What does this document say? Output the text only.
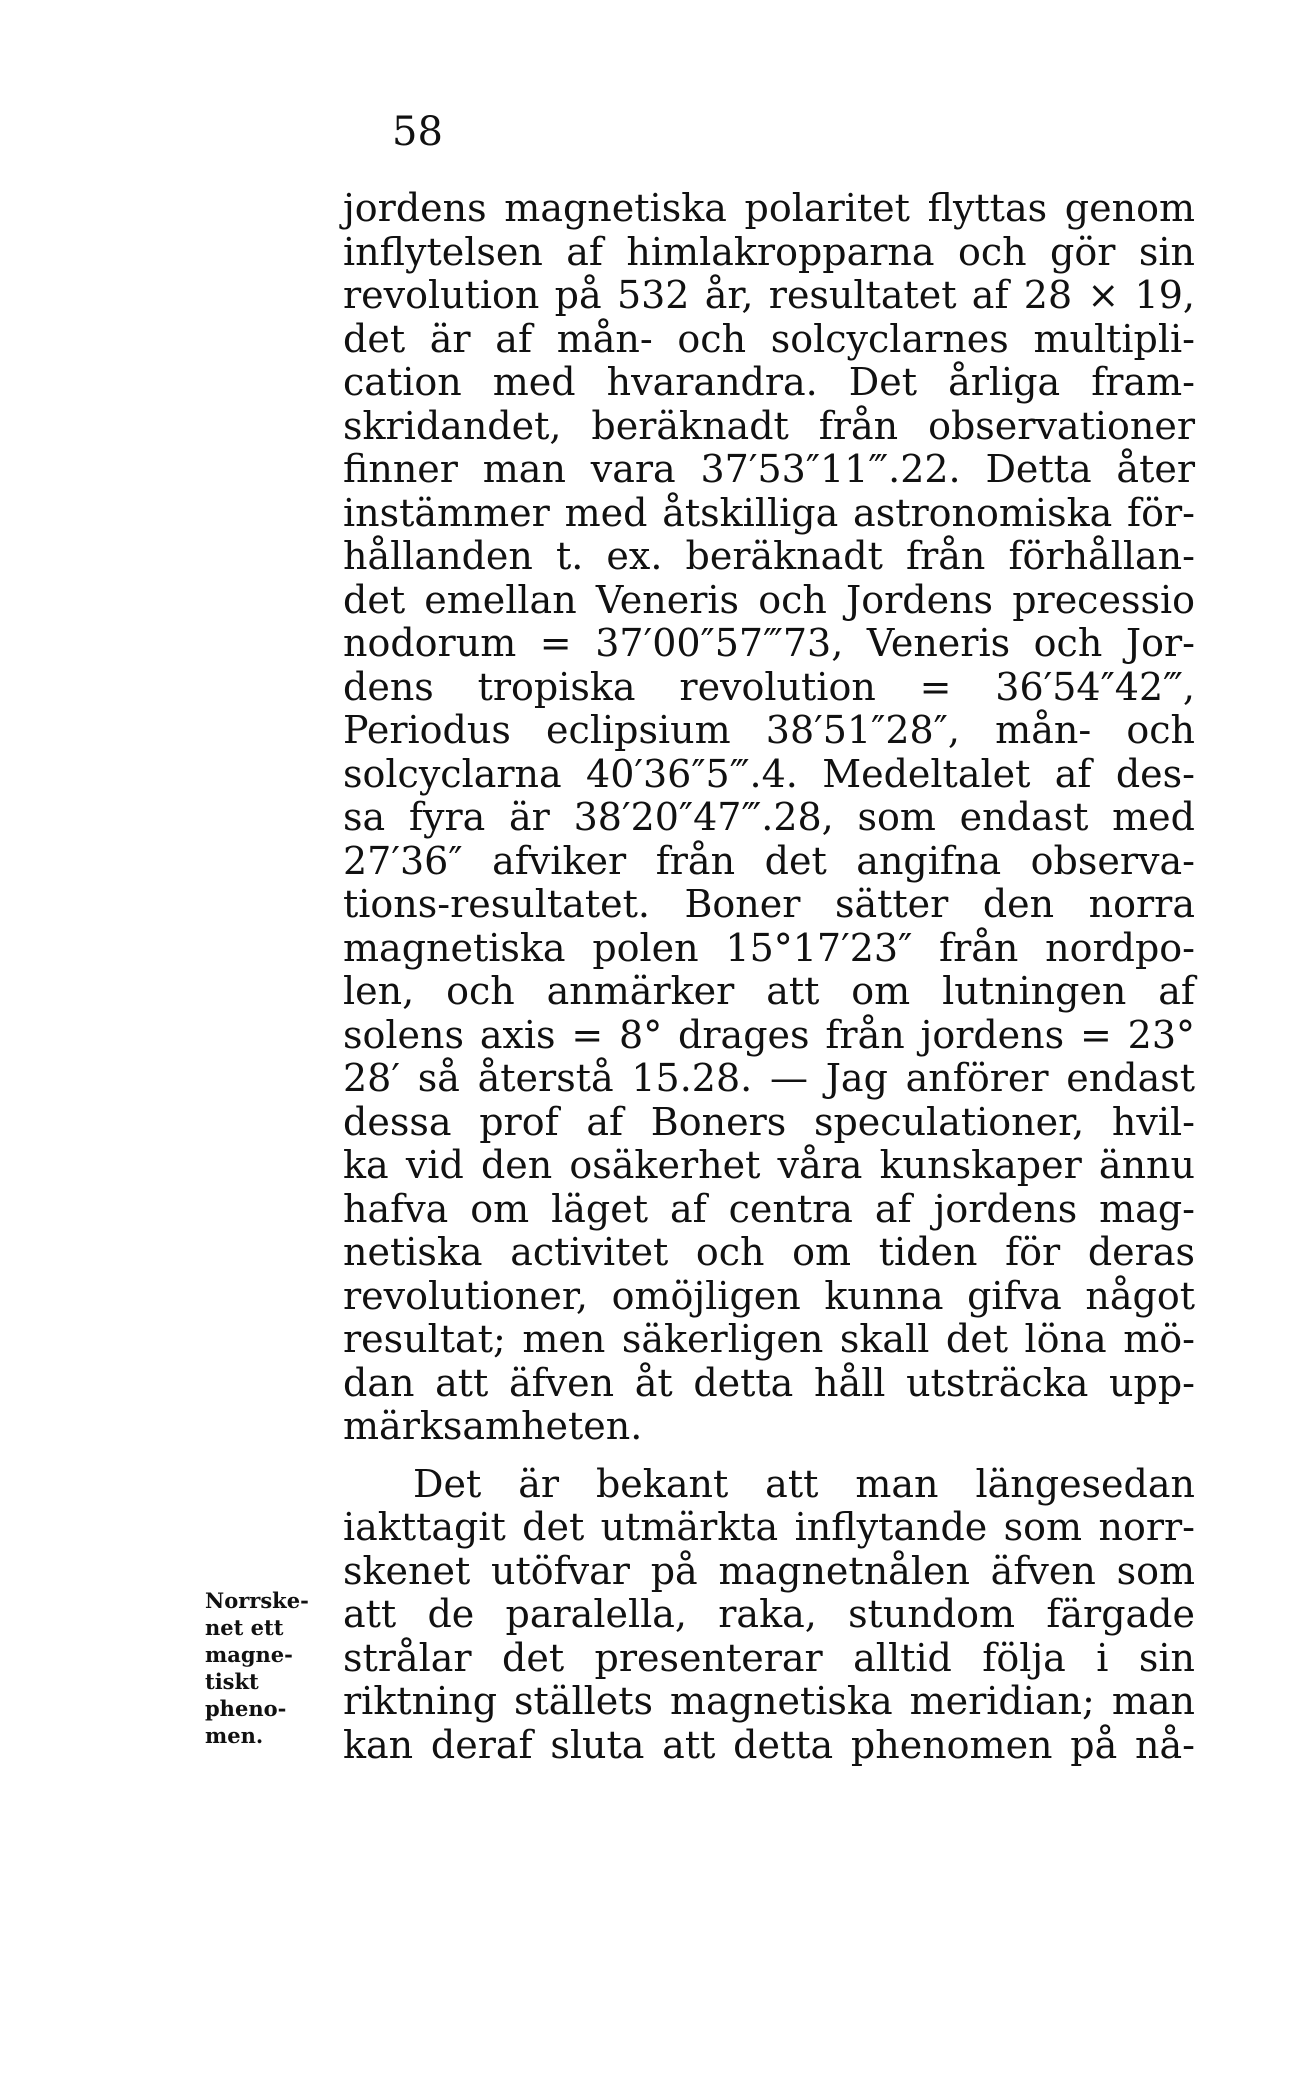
58
jordens magnetiska polaritet flyttas genom
inflytelsen af himlakropparna och gör sin
revolution på 532 år, resultatet af 28 × 19,
det är af mån- och solcyclarnes multipli-
cation med hvarandra. Det årliga fram-
skridandet, beräknadt från observationer
finner man vara 37′53″11‴.22. Detta åter
instämmer med åtskilliga astronomiska för-
hållanden t. ex. beräknadt från förhållan-
det emellan Veneris och Jordens precessio
nodorum = 37′00″57‴73, Veneris och Jor-
dens tropiska revolution = 36′54″42‴,
Periodus eclipsium 38′51″28″, mån- och
solcyclarna 40′36″5‴.4. Medeltalet af des-
sa fyra är 38′20″47‴.28, som endast med
27′36″ afviker från det angifna observa-
tions-resultatet. Boner sätter den norra
magnetiska polen 15°17′23″ från nordpo-
len, och anmärker att om lutningen af
solens axis = 8° drages från jordens = 23°
28′ så återstå 15.28. — Jag anförer endast
dessa prof af Boners speculationer, hvil-
ka vid den osäkerhet våra kunskaper ännu
hafva om läget af centra af jordens mag-
netiska activitet och om tiden för deras
revolutioner, omöjligen kunna gifva något
resultat; men säkerligen skall det löna mö-
dan att äfven åt detta håll utsträcka upp-
märksamheten.
Det är bekant att man längesedan
iakttagit det utmärkta inflytande som norr-
skenet utöfvar på magnetnålen äfven som
att de paralella, raka, stundom färgade
strålar det presenterar alltid följa i sin
riktning ställets magnetiska meridian; man
kan deraf sluta att detta phenomen på nå-
Norrske-
net ett
magne-
tiskt
pheno-
men.
